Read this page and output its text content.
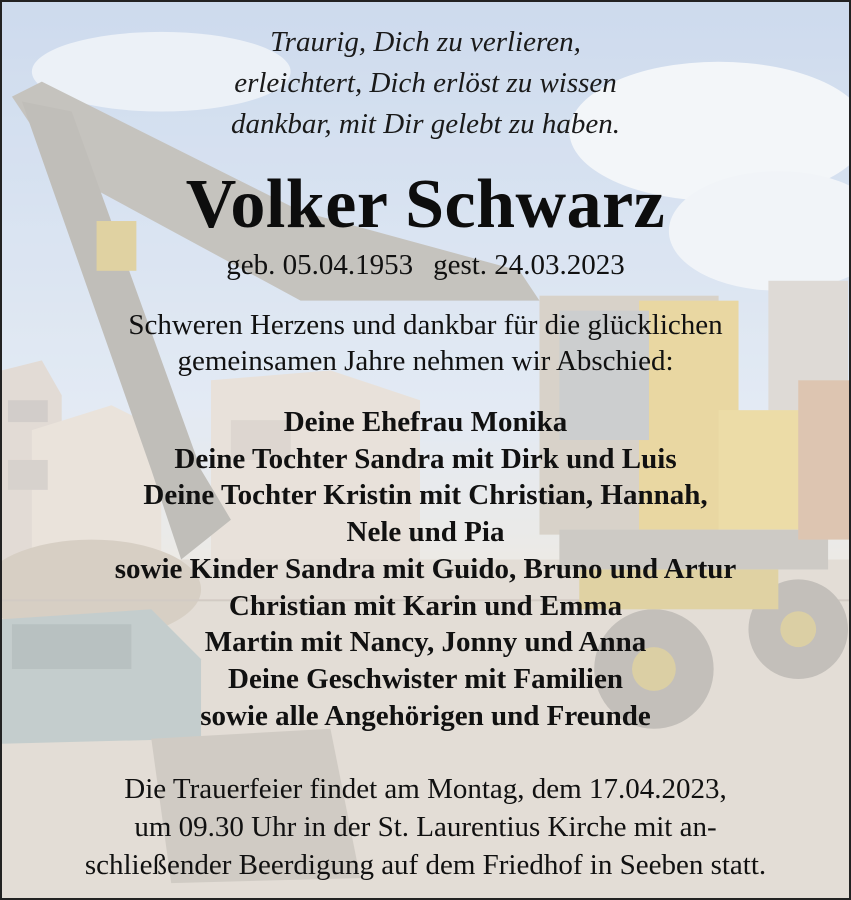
Traurig, Dich zu verlieren,
erleichtert, Dich erlöst zu wissen
dankbar, mit Dir gelebt zu haben.
Volker Schwarz
geb. 05.04.1953 gest. 24.03.2023
Schweren Herzens und dankbar für die glücklichen
gemeinsamen Jahre nehmen wir Abschied:
Deine Ehefrau Monika
Deine Tochter Sandra mit Dirk und Luis
Deine Tochter Kristin mit Christian, Hannah,
Nele und Pia
sowie Kinder Sandra mit Guido, Bruno und Artur
Christian mit Karin und Emma
Martin mit Nancy, Jonny und Anna
Deine Geschwister mit Familien
sowie alle Angehörigen und Freunde
Die Trauerfeier findet am Montag, dem 17.04.2023,
um 09.30 Uhr in der St. Laurentius Kirche mit an-
schließender Beerdigung auf dem Friedhof in Seeben statt.
